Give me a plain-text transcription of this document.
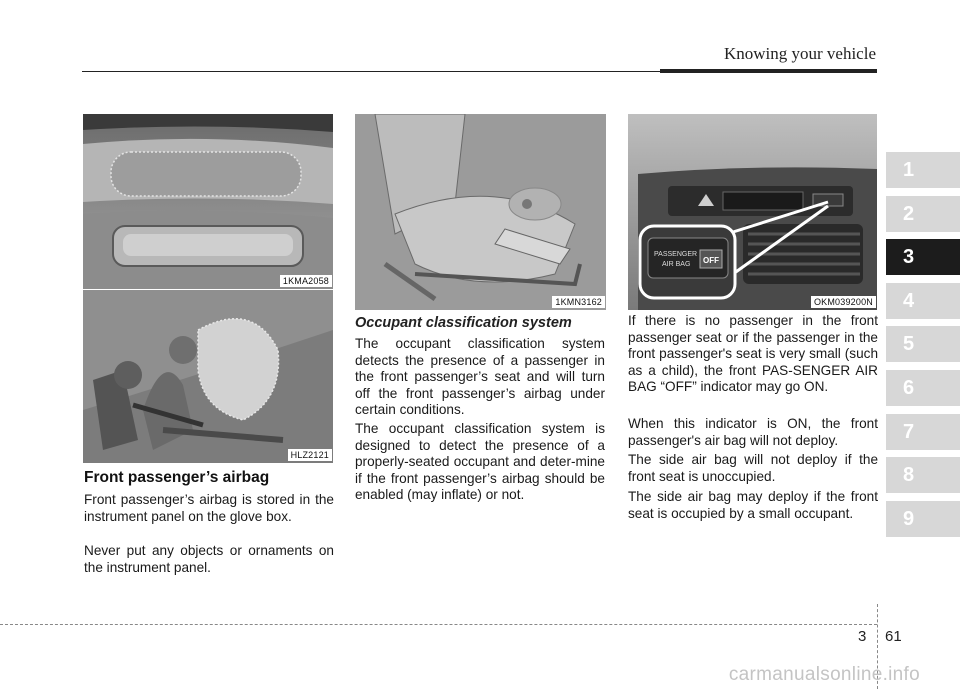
Knowing your vehicle
1KMA2058
HLZ2121
1KMN3162
PASSENGER
AIR BAG OFF
OKM039200N
Front passenger’s airbag

Front passenger’s airbag is stored in the instrument panel on the glove box.

Never put any objects or ornaments on the instrument panel.

Occupant classification system

The occupant classification system detects the presence of a passenger in the front passenger’s seat and will turn off the front passenger’s airbag under certain conditions.

The occupant classification system is designed to detect the presence of a properly-seated occupant and deter-mine if the front passenger’s airbag should be enabled (may inflate) or not.

If there is no passenger in the front passenger seat or if the passenger in the front passenger's seat is very small (such as a child), the front PAS-SENGER AIR BAG “OFF” indicator may go ON.

When this indicator is ON, the front passenger's air bag will not deploy.

The side air bag will not deploy if the front seat is unoccupied.

The side air bag may deploy if the front seat is occupied by a small occupant.

1
2
3
4
5
6
7
8
9
3 61
carmanualsonline.info
